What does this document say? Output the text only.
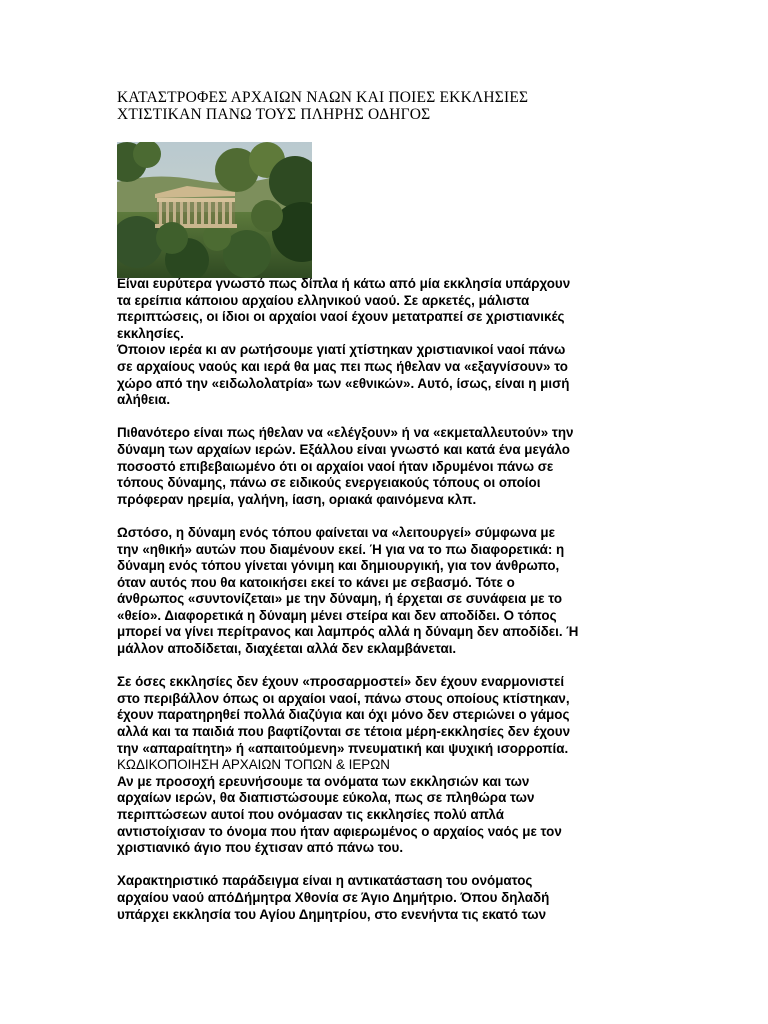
ΚΑΤΑΣΤΡΟΦΕΣ ΑΡΧΑΙΩΝ ΝΑΩΝ ΚΑΙ ΠΟΙΕΣ ΕΚΚΛΗΣΙΕΣ
ΧΤΙΣΤΙΚΑΝ ΠΑΝΩ ΤΟΥΣ ΠΛΗΡΗΣ ΟΔΗΓΟΣ
Είναι ευρύτερα γνωστό πως δίπλα ή κάτω από μία εκκλησία υπάρχουν
τα ερείπια κάποιου αρχαίου ελληνικού ναού. Σε αρκετές, μάλιστα
περιπτώσεις, οι ίδιοι οι αρχαίοι ναοί έχουν μετατραπεί σε χριστιανικές
εκκλησίες.
Όποιον ιερέα κι αν ρωτήσουμε γιατί χτίστηκαν χριστιανικοί ναοί πάνω
σε αρχαίους ναούς και ιερά θα μας πει πως ήθελαν να «εξαγνίσουν» το
χώρο από την «ειδωλολατρία» των «εθνικών». Αυτό, ίσως, είναι η μισή
αλήθεια.
Πιθανότερο είναι πως ήθελαν να «ελέγξουν» ή να «εκμεταλλευτούν» την
δύναμη των αρχαίων ιερών. Εξάλλου είναι γνωστό και κατά ένα μεγάλο
ποσοστό επιβεβαιωμένο ότι οι αρχαίοι ναοί ήταν ιδρυμένοι πάνω σε
τόπους δύναμης, πάνω σε ειδικούς ενεργειακούς τόπους οι οποίοι
πρόφεραν ηρεμία, γαλήνη, ίαση, οριακά φαινόμενα κλπ.
Ωστόσο, η δύναμη ενός τόπου φαίνεται να «λειτουργεί» σύμφωνα με
την «ηθική» αυτών που διαμένουν εκεί. Ή για να το πω διαφορετικά: η
δύναμη ενός τόπου γίνεται γόνιμη και δημιουργική, για τον άνθρωπο,
όταν αυτός που θα κατοικήσει εκεί το κάνει με σεβασμό. Τότε ο
άνθρωπος «συντονίζεται» με την δύναμη, ή έρχεται σε συνάφεια με το
«θείο». Διαφορετικά η δύναμη μένει στείρα και δεν αποδίδει. Ο τόπος
μπορεί να γίνει περίτρανος και λαμπρός αλλά η δύναμη δεν αποδίδει. Ή
μάλλον αποδίδεται, διαχέεται αλλά δεν εκλαμβάνεται.
Σε όσες εκκλησίες δεν έχουν «προσαρμοστεί» δεν έχουν εναρμονιστεί
στο περιβάλλον όπως οι αρχαίοι ναοί, πάνω στους οποίους κτίστηκαν,
έχουν παρατηρηθεί πολλά διαζύγια και όχι μόνο δεν στεριώνει ο γάμος
αλλά και τα παιδιά που βαφτίζονται σε τέτοια μέρη-εκκλησίες δεν έχουν
την «απαραίτητη» ή «απαιτούμενη» πνευματική και ψυχική ισορροπία.
ΚΩΔΙΚΟΠΟΙΗΣΗ ΑΡΧΑΙΩΝ ΤΟΠΩΝ & ΙΕΡΩΝ
Αν με προσοχή ερευνήσουμε τα ονόματα των εκκλησιών και των
αρχαίων ιερών, θα διαπιστώσουμε εύκολα, πως σε πληθώρα των
περιπτώσεων αυτοί που ονόμασαν τις εκκλησίες πολύ απλά
αντιστοίχισαν το όνομα που ήταν αφιερωμένος ο αρχαίος ναός με τον
χριστιανικό άγιο που έχτισαν από πάνω του.
Χαρακτηριστικό παράδειγμα είναι η αντικατάσταση του ονόματος
αρχαίου ναού απόΔήμητρα Χθονία σε Άγιο Δημήτριο. Όπου δηλαδή
υπάρχει εκκλησία του Αγίου Δημητρίου, στο ενενήντα τις εκατό των
